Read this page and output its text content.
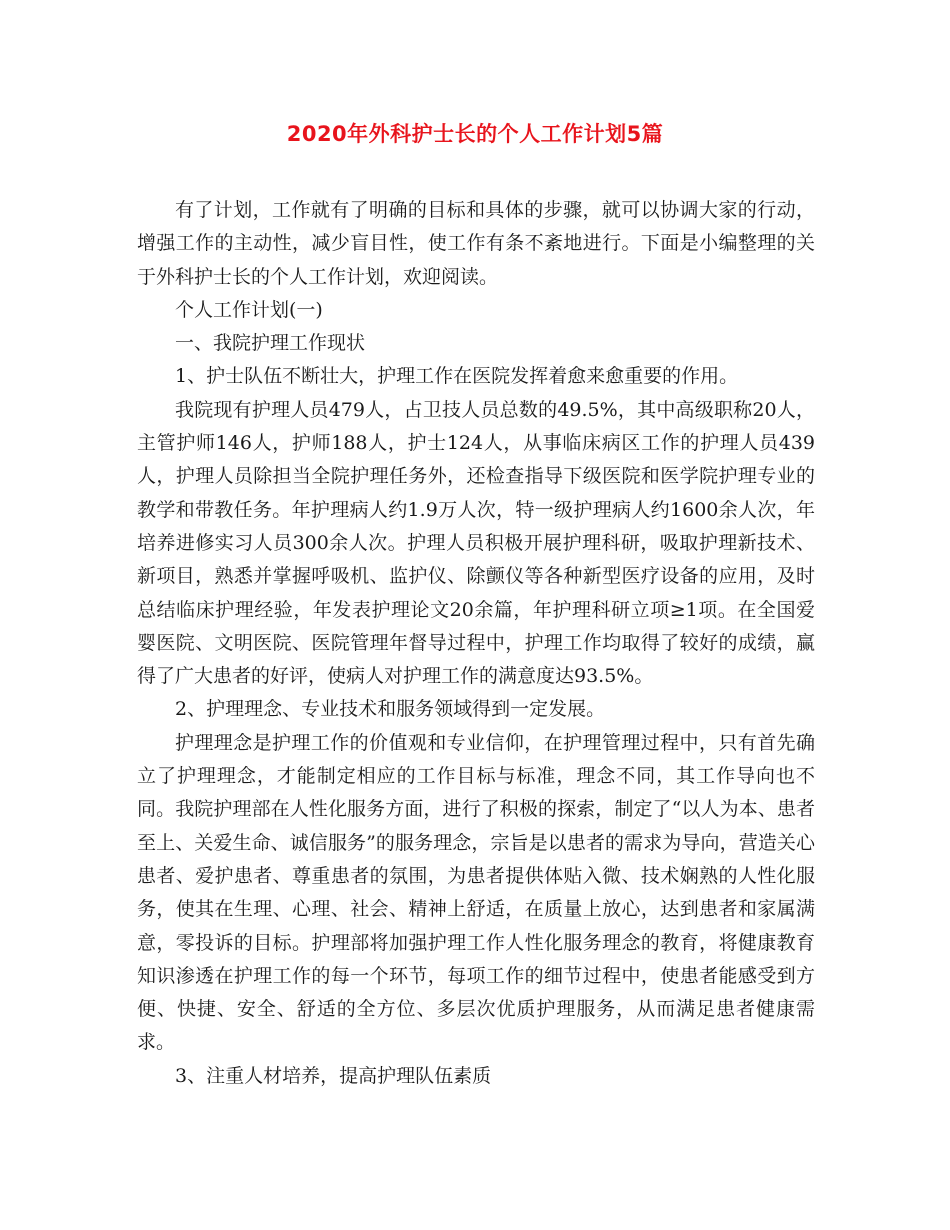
2020年外科护士长的个人工作计划5篇

有了计划，工作就有了明确的目标和具体的步骤，就可以协调大家的行动，增强工作的主动性，减少盲目性，使工作有条不紊地进行。下面是小编整理的关于外科护士长的个人工作计划，欢迎阅读。

个人工作计划(一)

一、我院护理工作现状

1、护士队伍不断壮大，护理工作在医院发挥着愈来愈重要的作用。

我院现有护理人员479人，占卫技人员总数的49.5%，其中高级职称20人，主管护师146人，护师188人，护士124人，从事临床病区工作的护理人员439人，护理人员除担当全院护理任务外，还检查指导下级医院和医学院护理专业的教学和带教任务。年护理病人约1.9万人次，特一级护理病人约1600余人次，年培养进修实习人员300余人次。护理人员积极开展护理科研，吸取护理新技术、新项目，熟悉并掌握呼吸机、监护仪、除颤仪等各种新型医疗设备的应用，及时总结临床护理经验，年发表护理论文20余篇，年护理科研立项≥1项。在全国爱婴医院、文明医院、医院管理年督导过程中，护理工作均取得了较好的成绩，赢得了广大患者的好评，使病人对护理工作的满意度达93.5%。

2、护理理念、专业技术和服务领域得到一定发展。

护理理念是护理工作的价值观和专业信仰，在护理管理过程中，只有首先确立了护理理念，才能制定相应的工作目标与标准，理念不同，其工作导向也不同。我院护理部在人性化服务方面，进行了积极的探索，制定了“以人为本、患者至上、关爱生命、诚信服务”的服务理念，宗旨是以患者的需求为导向，营造关心患者、爱护患者、尊重患者的氛围，为患者提供体贴入微、技术娴熟的人性化服务，使其在生理、心理、社会、精神上舒适，在质量上放心，达到患者和家属满意，零投诉的目标。护理部将加强护理工作人性化服务理念的教育，将健康教育知识渗透在护理工作的每一个环节，每项工作的细节过程中，使患者能感受到方便、快捷、安全、舒适的全方位、多层次优质护理服务，从而满足患者健康需求。

3、注重人材培养，提高护理队伍素质
